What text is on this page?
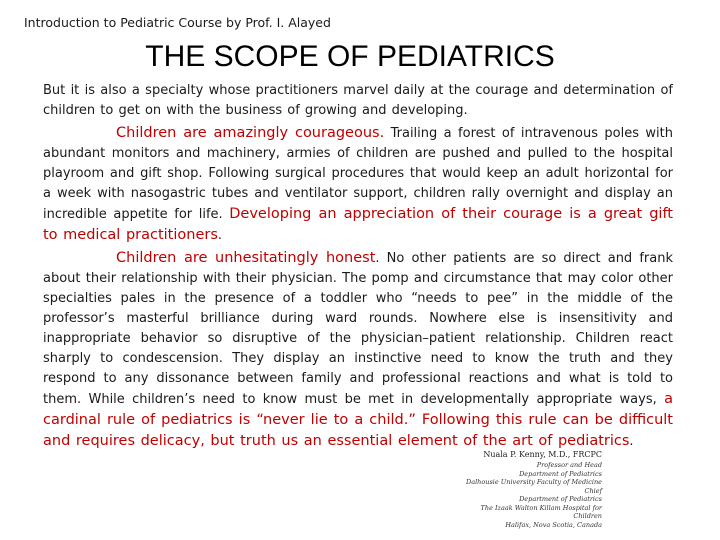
Introduction to Pediatric Course by Prof. I. Alayed
THE SCOPE OF PEDIATRICS

But it is also a specialty whose practitioners marvel daily at the courage and determination of children to get on with the business of growing and developing.

Children are amazingly courageous. Trailing a forest of intravenous poles with abundant monitors and machinery, armies of children are pushed and pulled to the hospital playroom and gift shop. Following surgical procedures that would keep an adult horizontal for a week with nasogastric tubes and ventilator support, children rally overnight and display an incredible appetite for life. Developing an appreciation of their courage is a great gift to medical practitioners.

Children are unhesitatingly honest. No other patients are so direct and frank about their relationship with their physician. The pomp and circumstance that may color other specialties pales in the presence of a toddler who “needs to pee” in the middle of the professor’s masterful brilliance during ward rounds. Nowhere else is insensitivity and inappropriate behavior so disruptive of the physician–patient relationship. Children react sharply to condescension. They display an instinctive need to know the truth and they respond to any dissonance between family and professional reactions and what is told to them. While children’s need to know must be met in developmentally appropriate ways, a cardinal rule of pediatrics is “never lie to a child.” Following this rule can be difficult and requires delicacy, but truth us an essential element of the art of pediatrics.

Nuala P. Kenny, M.D., FRCPC
Professor and Head
Department of Pediatrics
Dalhousie University Faculty of Medicine
Chief
Department of Pediatrics
The Izaak Walton Killam Hospital for Children
Halifax, Nova Scotia, Canada
